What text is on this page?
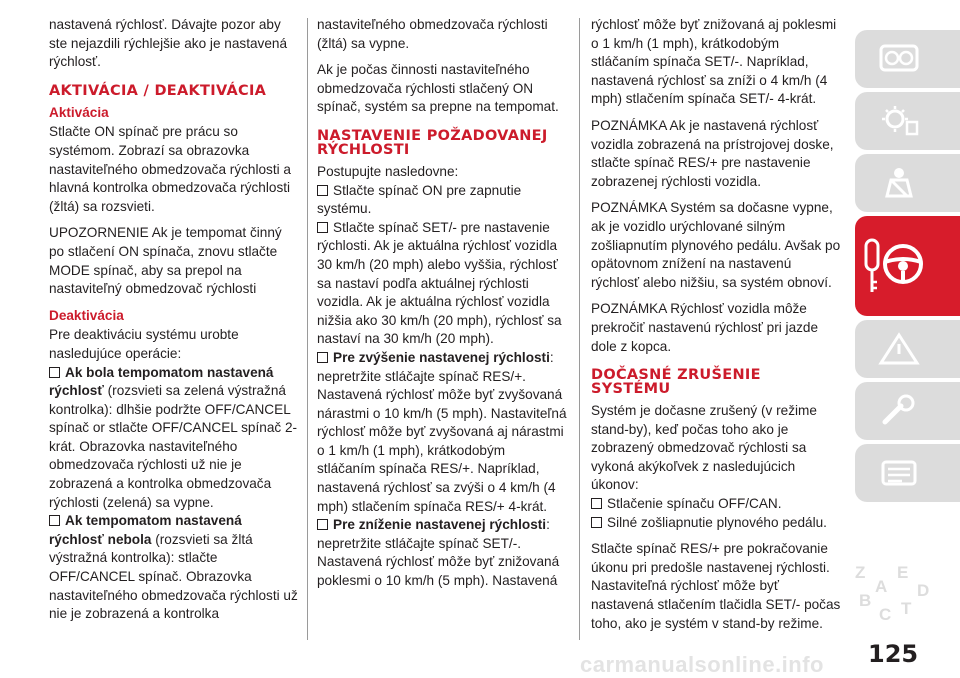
nastavená rýchlosť. Dávajte pozor aby ste nejazdili rýchlejšie ako je nastavená rýchlosť.

AKTIVÁCIA / DEAKTIVÁCIA
Aktivácia

Stlačte ON spínač pre prácu so systémom. Zobrazí sa obrazovka nastaviteľného obmedzovača rýchlosti a hlavná kontrolka obmedzovača rýchlosti (žltá) sa rozsvieti.

UPOZORNENIE Ak je tempomat činný po stlačení ON spínača, znovu stlačte MODE spínač, aby sa prepol na nastaviteľný obmedzovač rýchlosti

Deaktivácia

Pre deaktiváciu systému urobte nasledujúce operácie:

Ak bola tempomatom nastavená rýchlosť (rozsvieti sa zelená výstražná kontrolka): dlhšie podržte OFF/CANCEL spínač or stlačte OFF/CANCEL spínač 2-krát. Obrazovka nastaviteľného obmedzovača rýchlosti už nie je zobrazená a kontrolka obmedzovača rýchlosti (zelená) sa vypne.

Ak tempomatom nastavená rýchlosť nebola (rozsvieti sa žltá výstražná kontrolka): stlačte OFF/CANCEL spínač. Obrazovka nastaviteľného obmedzovača rýchlosti už nie je zobrazená a kontrolka

nastaviteľného obmedzovača rýchlosti (žltá) sa vypne.

Ak je počas činnosti nastaviteľného obmedzovača rýchlosti stlačený ON spínač, systém sa prepne na tempomat.

NASTAVENIE POŽADOVANEJ RÝCHLOSTI

Postupujte nasledovne:

Stlačte spínač ON pre zapnutie systému.

Stlačte spínač SET/- pre nastavenie rýchlosti. Ak je aktuálna rýchlosť vozidla 30 km/h (20 mph) alebo vyššia, rýchlosť sa nastaví podľa aktuálnej rýchlosti vozidla. Ak je aktuálna rýchlosť vozidla nižšia ako 30 km/h (20 mph), rýchlosť sa nastaví na 30 km/h (20 mph).

Pre zvýšenie nastavenej rýchlosti: nepretržite stláčajte spínač RES/+. Nastavená rýchlosť môže byť zvyšovaná nárastmi o 10 km/h (5 mph). Nastaviteľná rýchlosť môže byť zvyšovaná aj nárastmi o 1 km/h (1 mph), krátkodobým stláčaním spínača RES/+. Napríklad, nastavená rýchlosť sa zvýši o 4 km/h (4 mph) stlačením spínača RES/+ 4-krát.

Pre zníženie nastavenej rýchlosti: nepretržite stláčajte spínač SET/-. Nastavená rýchlosť môže byť znižovaná poklesmi o 10 km/h (5 mph). Nastavená

rýchlosť môže byť znižovaná aj poklesmi o 1 km/h (1 mph), krátkodobým stláčaním spínača SET/-. Napríklad, nastavená rýchlosť sa zníži o 4 km/h (4 mph) stlačením spínača SET/- 4-krát.

POZNÁMKA Ak je nastavená rýchlosť vozidla zobrazená na prístrojovej doske, stlačte spínač RES/+ pre nastavenie zobrazenej rýchlosti vozidla.

POZNÁMKA Systém sa dočasne vypne, ak je vozidlo urýchlované silným zošliapnutím plynového pedálu. Avšak po opätovnom znížení na nastavenú rýchlosť alebo nižšiu, sa systém obnoví.

POZNÁMKA Rýchlosť vozidla môže prekročiť nastavenú rýchlosť pri jazde dole z kopca.

DOČASNÉ ZRUŠENIE SYSTÉMU

Systém je dočasne zrušený (v režime stand-by), keď počas toho ako je zobrazený obmedzovač rýchlosti sa vykoná akýkoľvek z nasledujúcich úkonov:

Stlačenie spínaču OFF/CAN.

Silné zošliapnutie plynového pedálu.

Stlačte spínač RES/+ pre pokračovanie úkonu pri predošle nastavenej rýchlosti. Nastaviteľná rýchlosť môže byť nastavená stlačením tlačidla SET/- počas toho, ako je systém v stand-by režime.

Z E
A
B
C T
D
carmanualsonline.info 125
